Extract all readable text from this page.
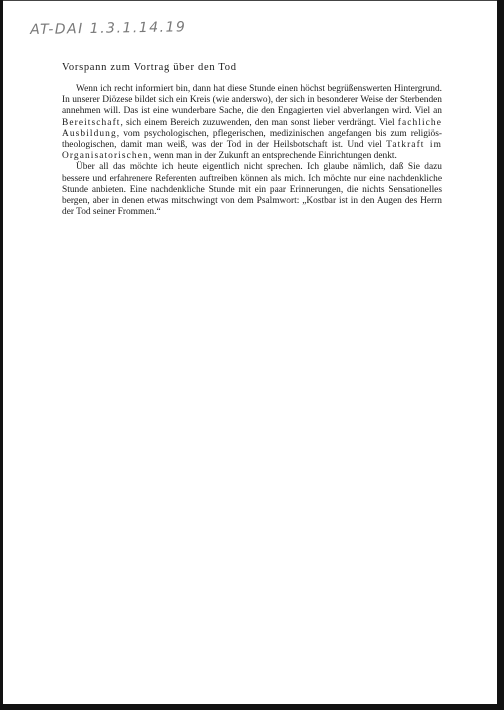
AT-DAI 1.3.1.14.19
Vorspann zum Vortrag über den Tod

Wenn ich recht informiert bin, dann hat diese Stunde einen höchst begrüßenswerten Hintergrund. In unserer Diözese bildet sich ein Kreis (wie anderswo), der sich in besonderer Weise der Sterbenden annehmen will. Das ist eine wunderbare Sache, die den Engagierten viel abverlangen wird. Viel an Bereitschaft, sich einem Bereich zuzuwenden, den man sonst lieber verdrängt. Viel fachliche Ausbildung, vom psychologischen, pflegerischen, medizinischen angefangen bis zum religiös-theologischen, damit man weiß, was der Tod in der Heilsbotschaft ist. Und viel Tatkraft im Organisatorischen, wenn man in der Zukunft an entsprechende Einrichtungen denkt.

Über all das möchte ich heute eigentlich nicht sprechen. Ich glaube nämlich, daß Sie dazu bessere und erfahrenere Referenten auftreiben können als mich. Ich möchte nur eine nachdenkliche Stunde anbieten. Eine nachdenkliche Stunde mit ein paar Erinnerungen, die nichts Sensationelles bergen, aber in denen etwas mitschwingt von dem Psalmwort: „Kostbar ist in den Augen des Herrn der Tod seiner Frommen.“
